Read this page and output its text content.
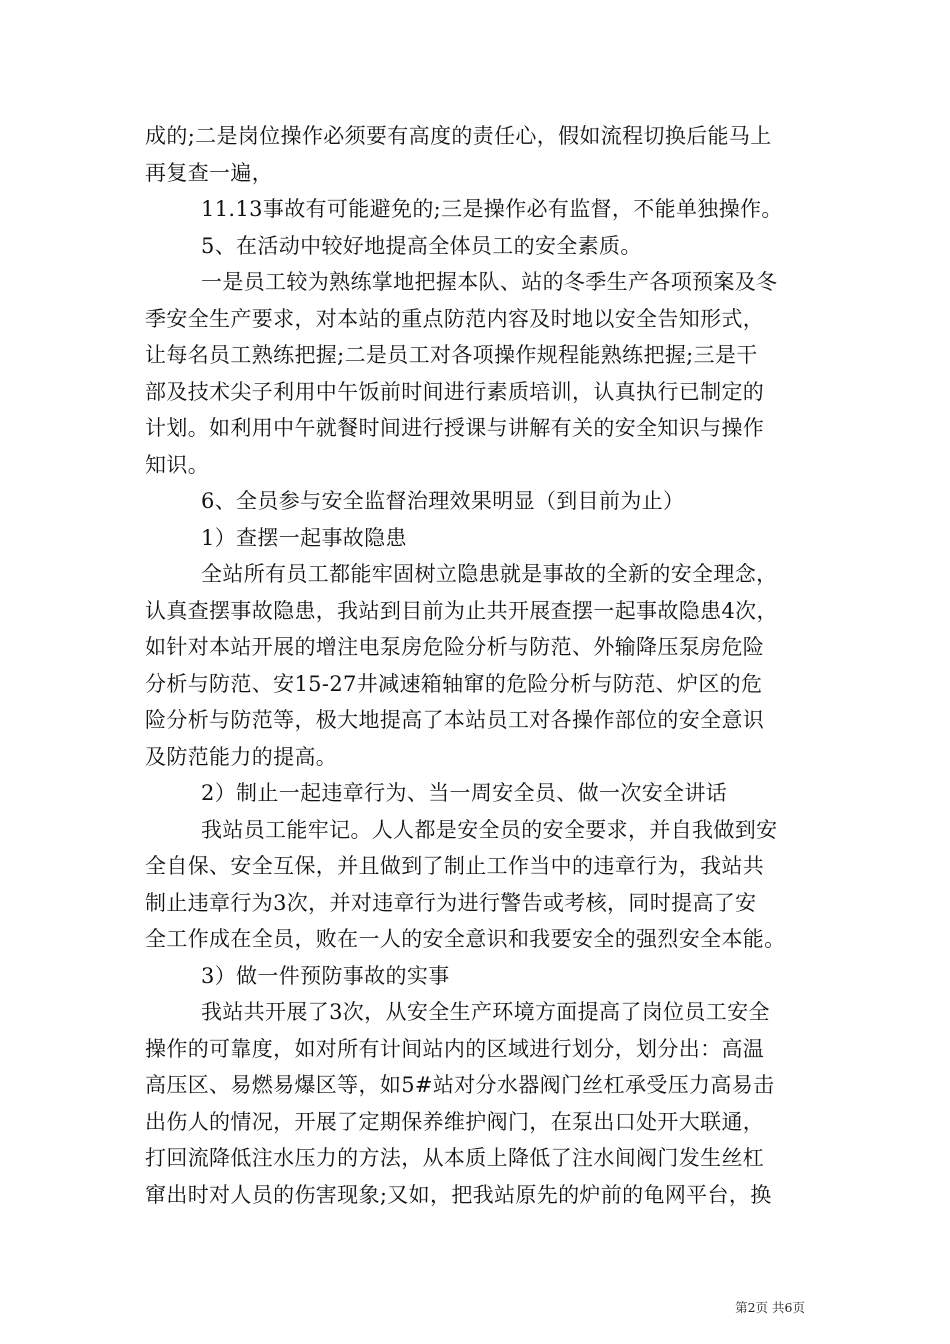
成的;二是岗位操作必须要有高度的责任心，假如流程切换后能马上
再复查一遍，
11.13事故有可能避免的;三是操作必有监督，不能单独操作。
5、在活动中较好地提高全体员工的安全素质。
一是员工较为熟练掌地把握本队、站的冬季生产各项预案及冬
季安全生产要求，对本站的重点防范内容及时地以安全告知形式，
让每名员工熟练把握;二是员工对各项操作规程能熟练把握;三是干
部及技术尖子利用中午饭前时间进行素质培训，认真执行已制定的
计划。如利用中午就餐时间进行授课与讲解有关的安全知识与操作
知识。
6、全员参与安全监督治理效果明显（到目前为止）
1）查摆一起事故隐患
全站所有员工都能牢固树立隐患就是事故的全新的安全理念，
认真查摆事故隐患，我站到目前为止共开展查摆一起事故隐患4次，
如针对本站开展的增注电泵房危险分析与防范、外输降压泵房危险
分析与防范、安15-27井减速箱轴窜的危险分析与防范、炉区的危
险分析与防范等，极大地提高了本站员工对各操作部位的安全意识
及防范能力的提高。
2）制止一起违章行为、当一周安全员、做一次安全讲话
我站员工能牢记。人人都是安全员的安全要求，并自我做到安
全自保、安全互保，并且做到了制止工作当中的违章行为，我站共
制止违章行为3次，并对违章行为进行警告或考核，同时提高了安
全工作成在全员，败在一人的安全意识和我要安全的强烈安全本能。
3）做一件预防事故的实事
我站共开展了3次，从安全生产环境方面提高了岗位员工安全
操作的可靠度，如对所有计间站内的区域进行划分，划分出：高温
高压区、易燃易爆区等，如5#站对分水器阀门丝杠承受压力高易击
出伤人的情况，开展了定期保养维护阀门，在泵出口处开大联通，
打回流降低注水压力的方法，从本质上降低了注水间阀门发生丝杠
窜出时对人员的伤害现象;又如，把我站原先的炉前的龟网平台，换
第2页 共6页
